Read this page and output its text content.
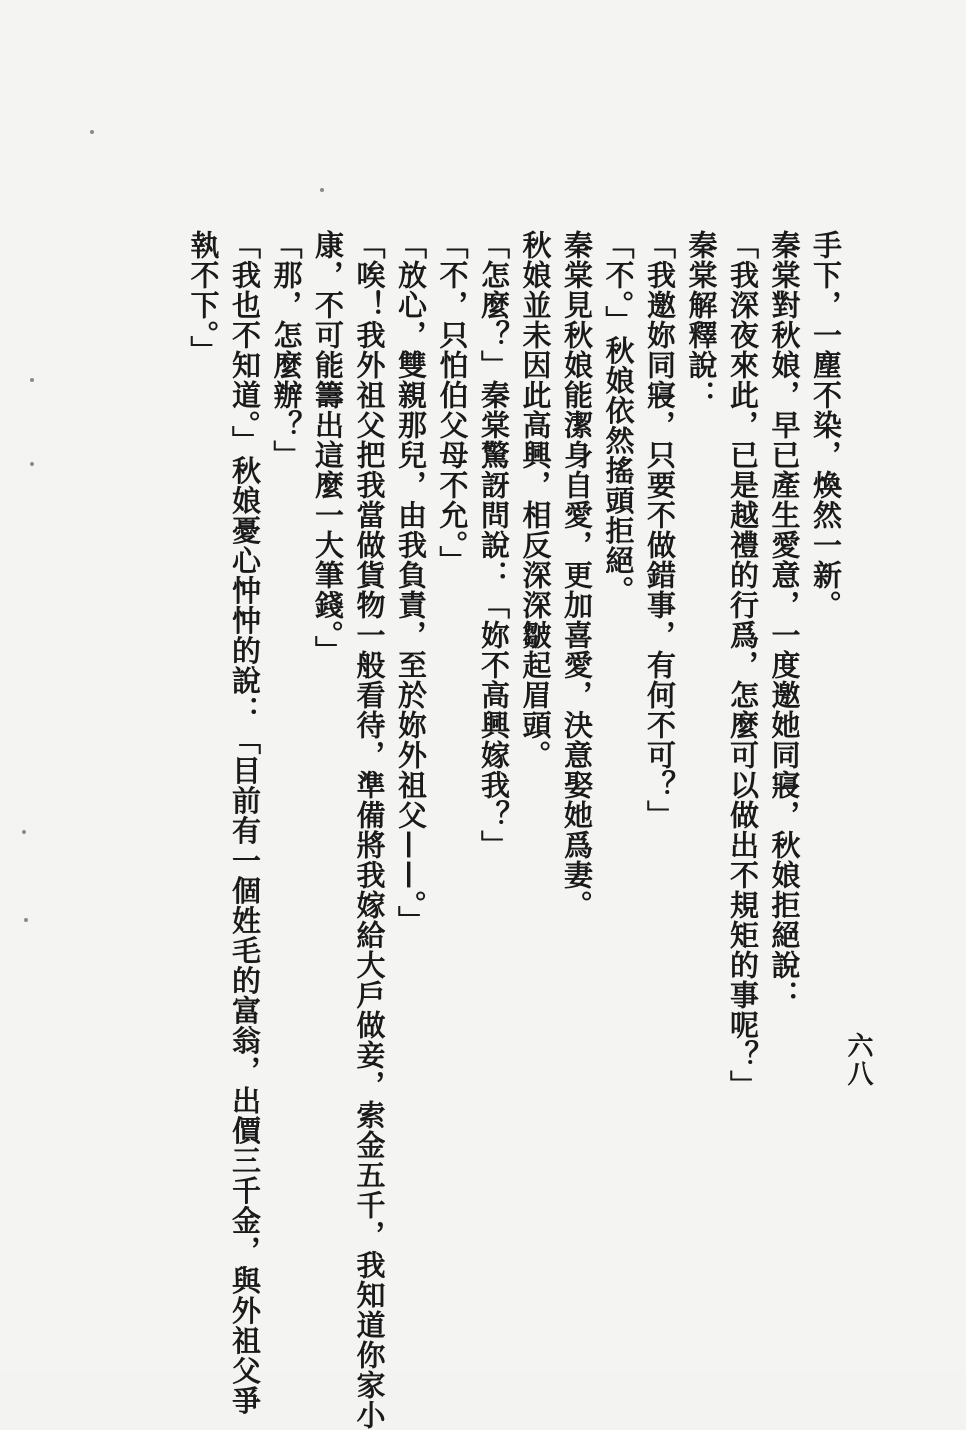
手下，一塵不染，煥然一新。
秦棠對秋娘，早已產生愛意，一度邀她同寢，秋娘拒絕說：
「我深夜來此，已是越禮的行爲，怎麼可以做出不規矩的事呢？」
秦棠解釋說：
「我邀妳同寢，只要不做錯事，有何不可？」
「不。」秋娘依然搖頭拒絕。
秦棠見秋娘能潔身自愛，更加喜愛，決意娶她爲妻。
秋娘並未因此高興，相反深深皺起眉頭。
「怎麼？」秦棠驚訝問說：「妳不高興嫁我？」
「不，只怕伯父母不允。」
「放心，雙親那兒，由我負責，至於妳外祖父——。」
「唉！我外祖父把我當做貨物一般看待，準備將我嫁給大戶做妾，索金五千，我知道你家小
康，不可能籌出這麼一大筆錢。」
「那，怎麼辦？」
「我也不知道。」秋娘憂心忡忡的說：「目前有一個姓毛的富翁，出價三千金，與外祖父爭
執不下。」
六八
